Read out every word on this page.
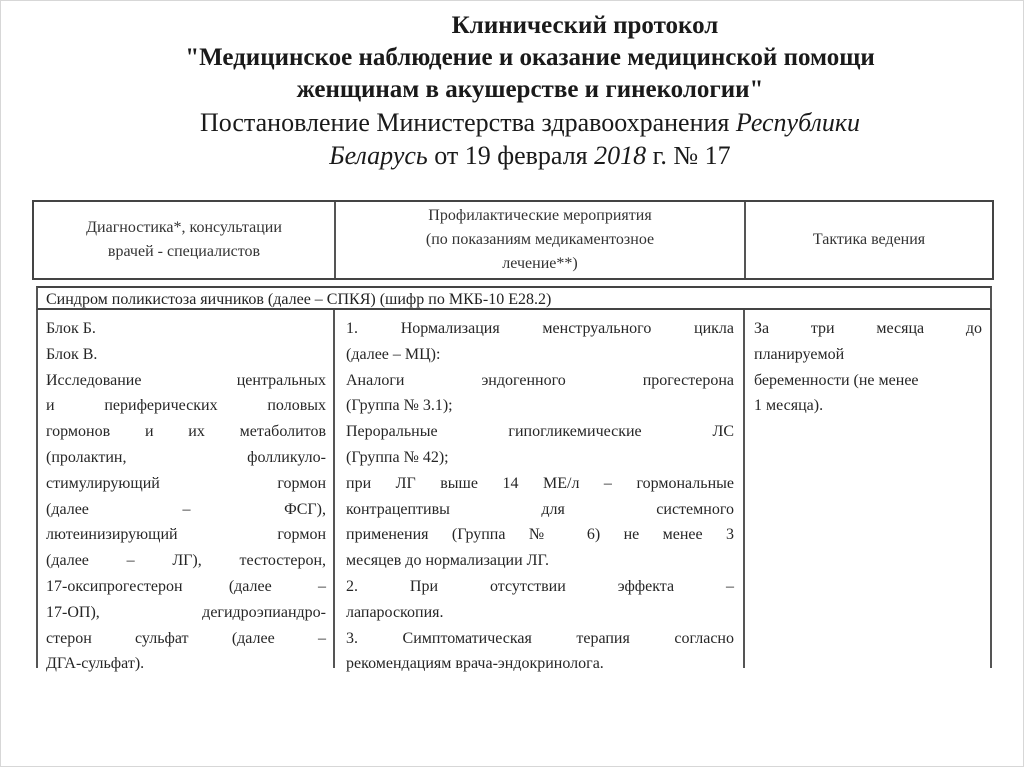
Клинический протокол
"Медицинское наблюдение и оказание медицинской помощи
женщинам в акушерстве и гинекологии"
Постановление Министерства здравоохранения Республики
Беларусь от 19 февраля 2018 г. № 17
Диагностика*, консультации
врачей - специалистов
Профилактические мероприятия
(по показаниям медикаментозное
лечение**)
Тактика ведения
Синдром поликистоза яичников (далее – СПКЯ) (шифр по МКБ-10 Е28.2)
Блок Б.
Блок В.
Исследование центральных
и периферических половых
гормонов и их метаболитов
(пролактин, фолликуло-
стимулирующий гормон
(далее – ФСГ),
лютеинизирующий гормон
(далее – ЛГ), тестостерон,
17-оксипрогестерон (далее –
17-ОП), дегидроэпиандро-
стерон сульфат (далее –
ДГА-сульфат).
1. Нормализация менструального цикла
(далее – МЦ):
Аналоги эндогенного прогестерона
(Группа № 3.1);
Пероральные гипогликемические ЛС
(Группа № 42);
при ЛГ выше 14 МЕ/л – гормональные
контрацептивы для системного
применения (Группа № 6) не менее 3
месяцев до нормализации ЛГ.
2. При отсутствии эффекта –
лапароскопия.
3. Симптоматическая терапия согласно
рекомендациям врача-эндокринолога.
За три месяца до
планируемой
беременности (не менее
1 месяца).
